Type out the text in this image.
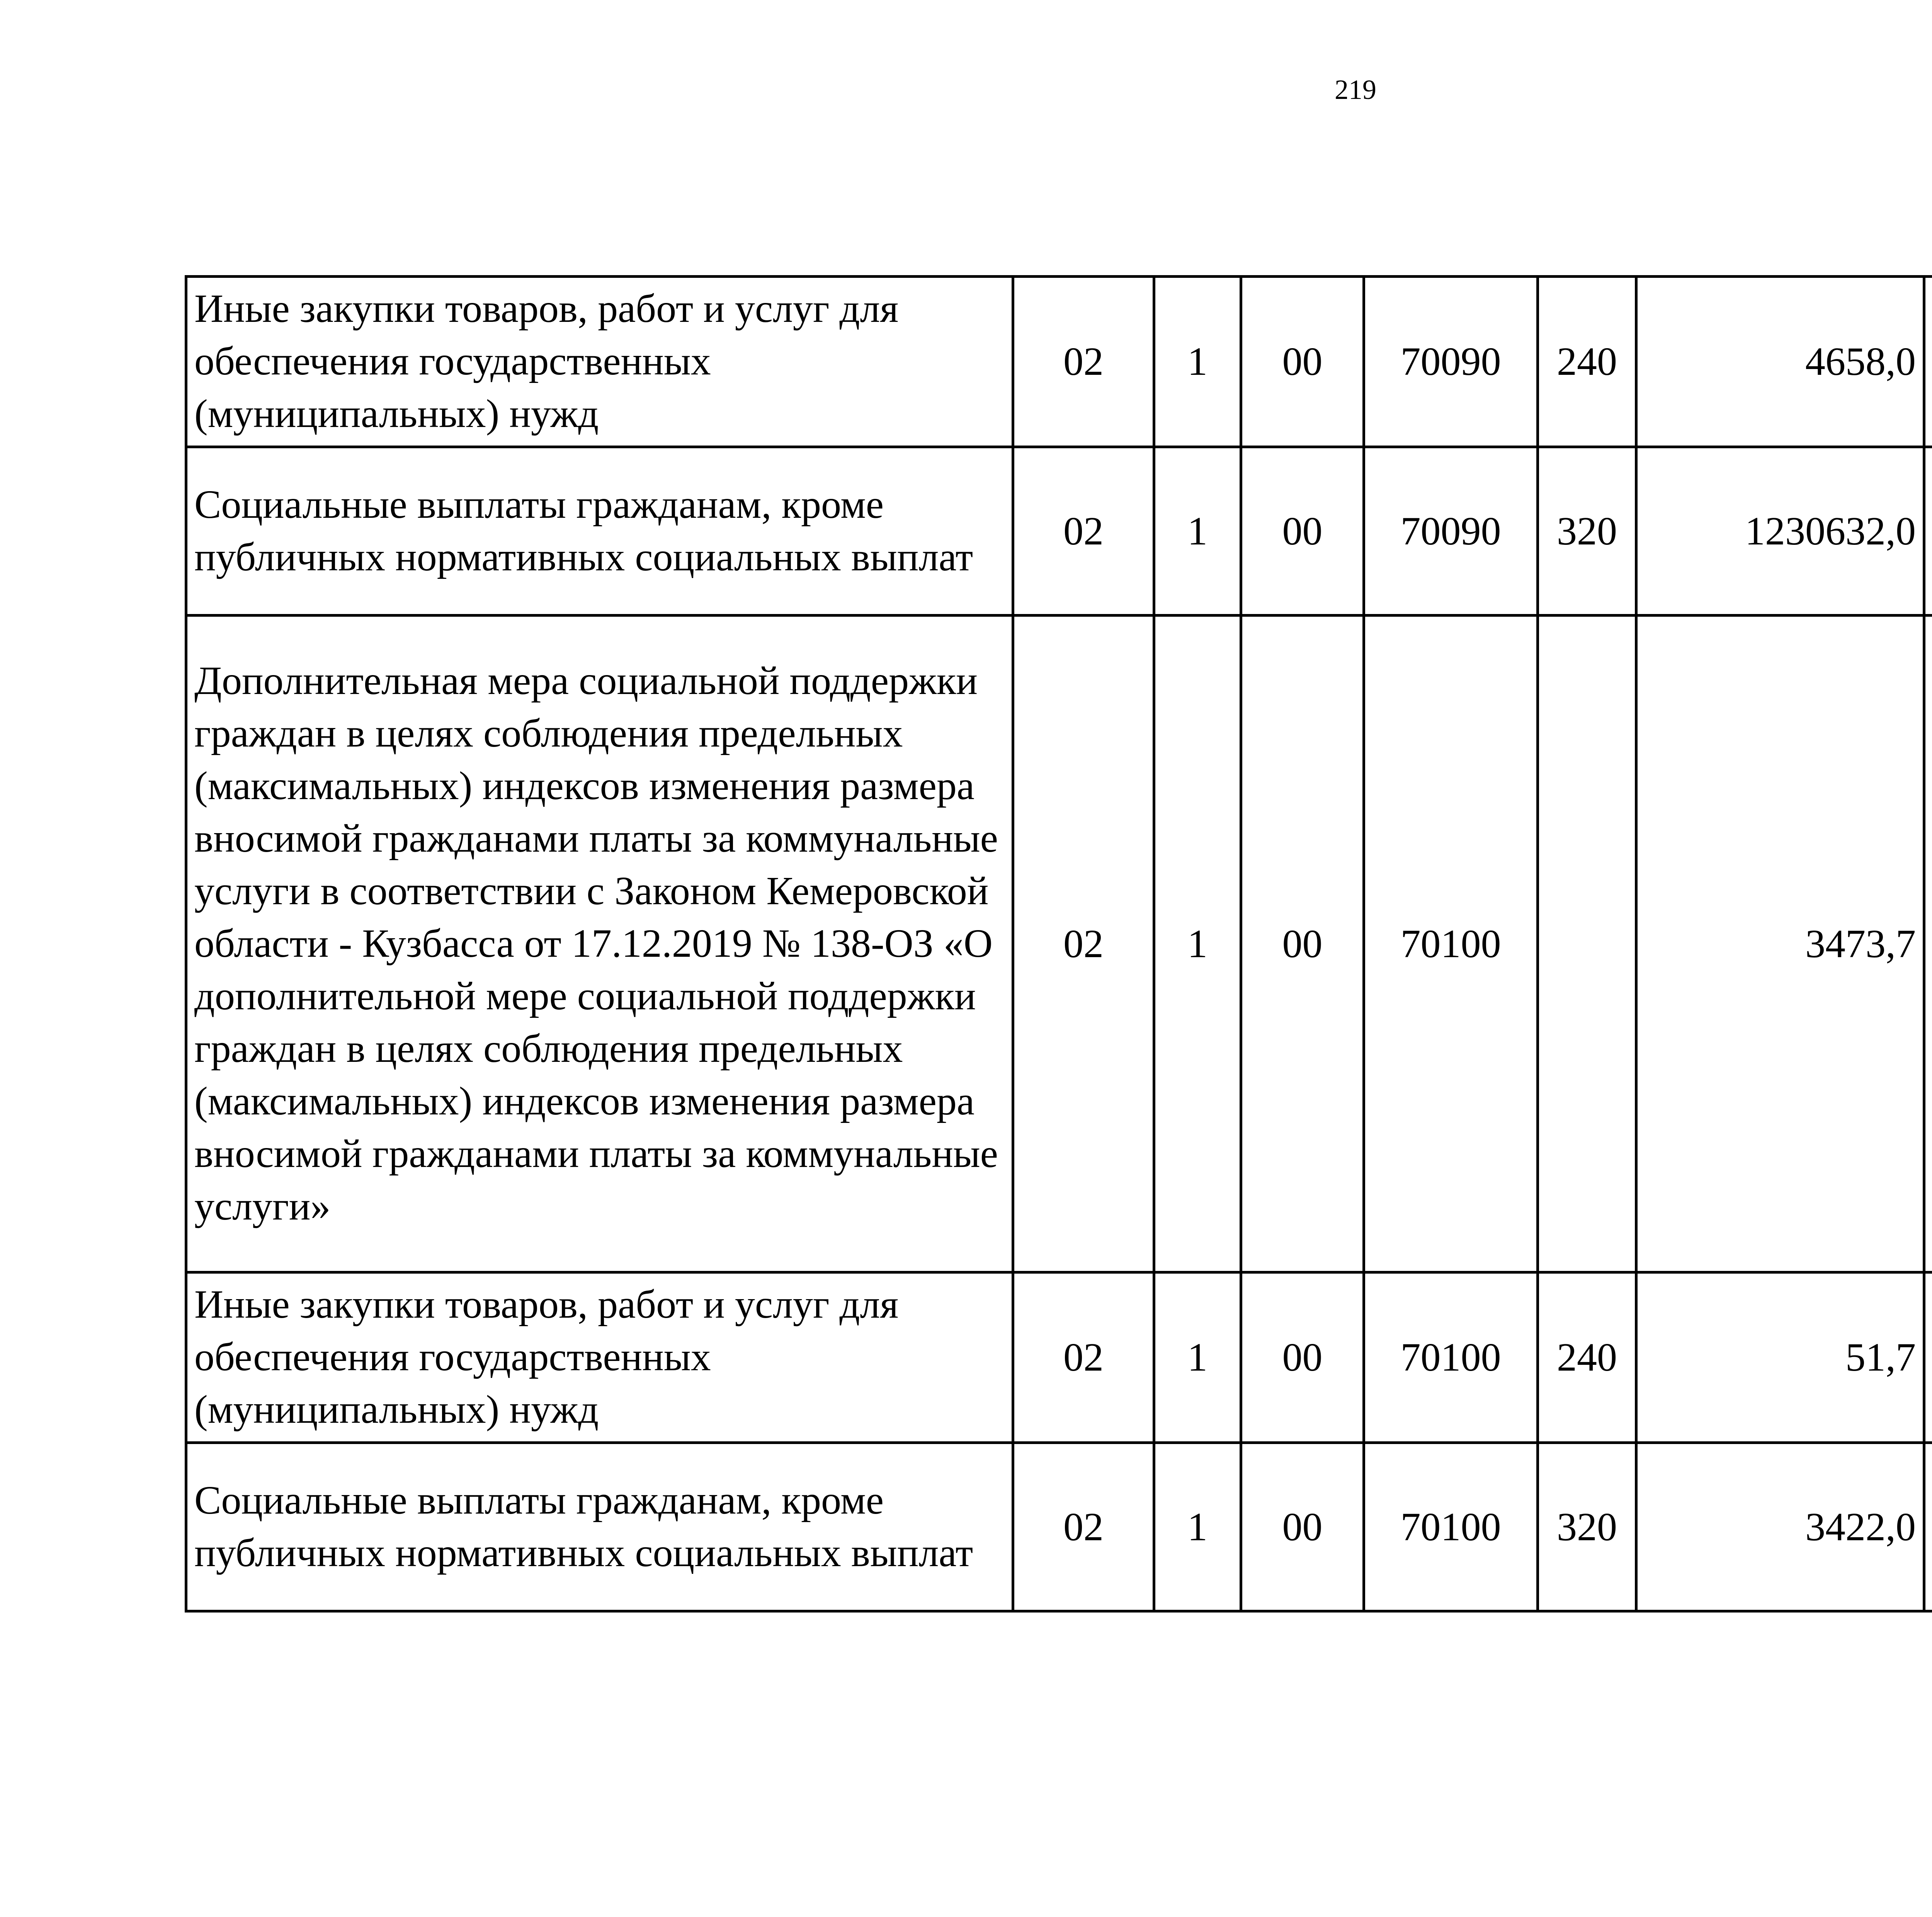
219
Иные закупки товаров, работ и услуг для обеспечения государственных (муниципальных) нужд	02	1	00	70090	240	4658,0		
Социальные выплаты гражданам, кроме публичных нормативных социальных выплат	02	1	00	70090	320	1230632,0		
Дополнительная мера социальной поддержки граждан в целях соблюдения предельных (максимальных) индексов изменения размера вносимой гражданами платы за коммунальные услуги в соответствии с Законом Кемеровской области - Кузбасса от 17.12.2019 № 138-ОЗ «О дополнительной мере социальной поддержки граждан в целях соблюдения предельных (максимальных) индексов изменения размера вносимой гражданами платы за коммунальные услуги»	02	1	00	70100		3473,7		
Иные закупки товаров, работ и услуг для обеспечения государственных (муниципальных) нужд	02	1	00	70100	240	51,7		
Социальные выплаты гражданам, кроме публичных нормативных социальных выплат	02	1	00	70100	320	3422,0		
